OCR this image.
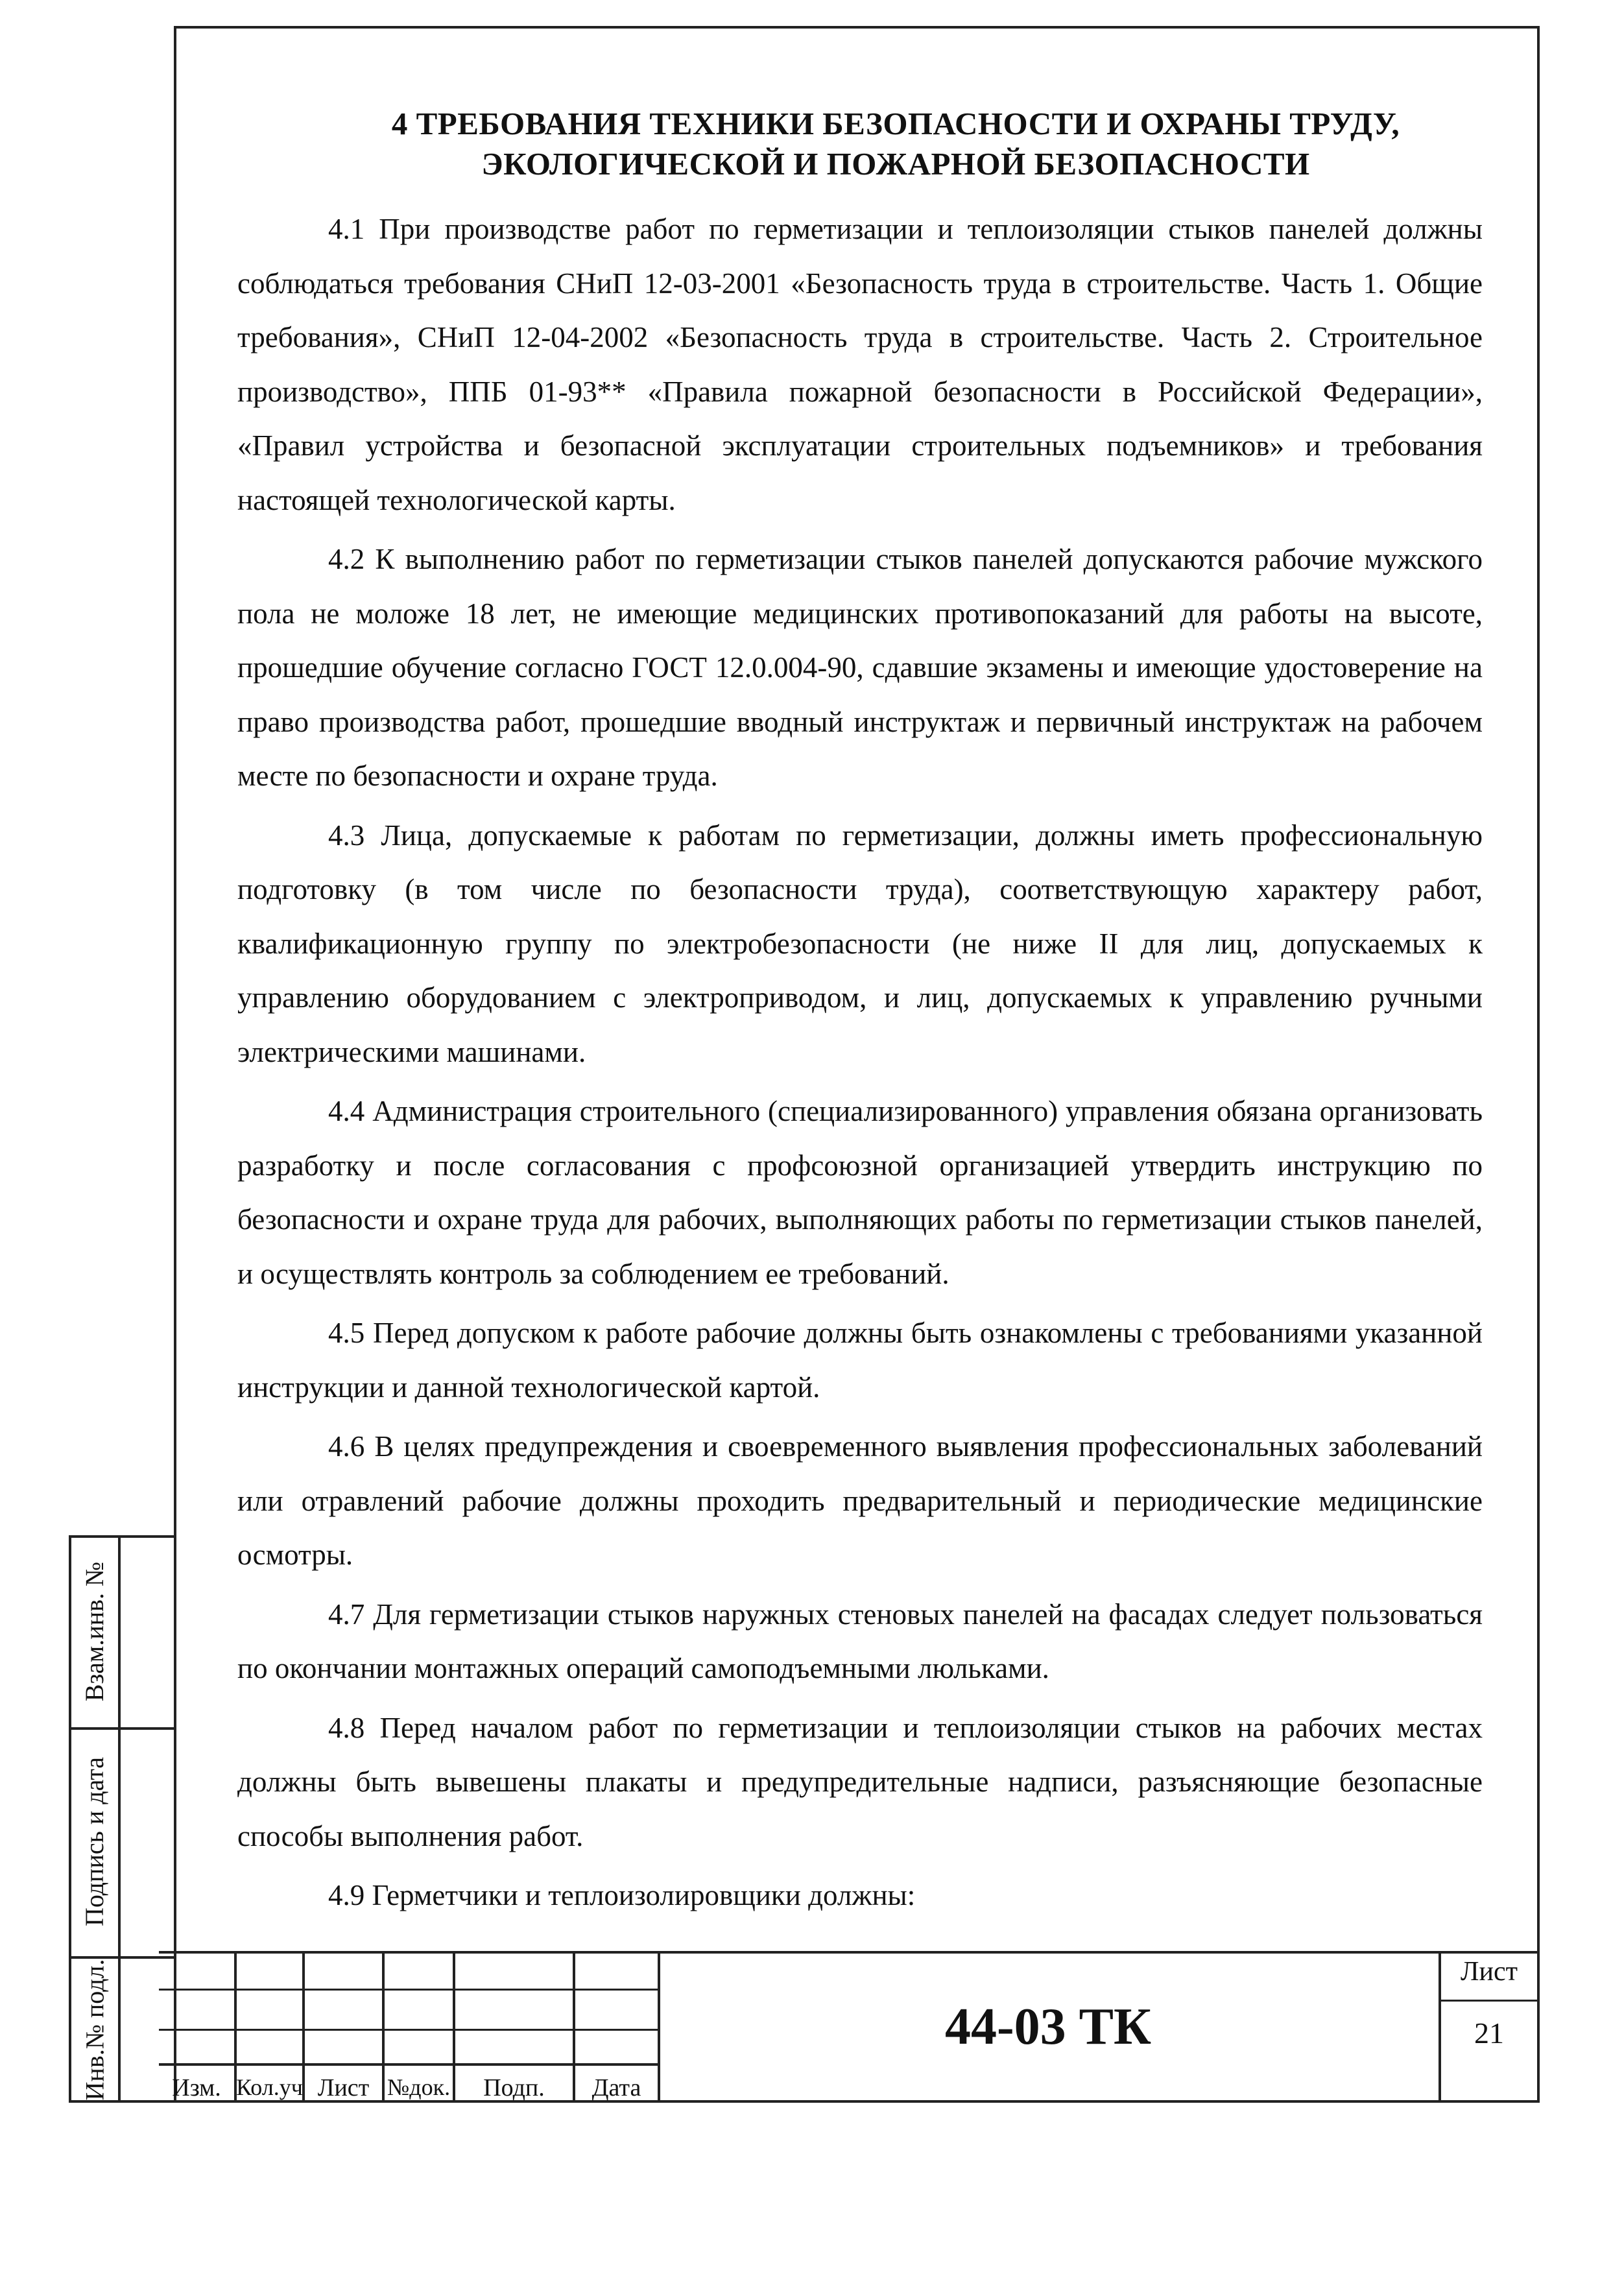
4 ТРЕБОВАНИЯ ТЕХНИКИ БЕЗОПАСНОСТИ И ОХРАНЫ ТРУДУ,
ЭКОЛОГИЧЕСКОЙ И ПОЖАРНОЙ БЕЗОПАСНОСТИ

4.1 При производстве работ по герметизации и теплоизоляции стыков панелей должны соблюдаться требования СНиП 12-03-2001 «Безопасность труда в строительстве. Часть 1. Общие требования», СНиП 12-04-2002 «Безопасность труда в строительстве. Часть 2. Строительное производство», ППБ 01-93** «Правила пожарной безопасности в Российской Федерации», «Правил устройства и безопасной эксплуатации строительных подъемников» и требования настоящей технологической карты.

4.2 К выполнению работ по герметизации стыков панелей допускаются рабочие мужского пола не моложе 18 лет, не имеющие медицинских противопоказаний для работы на высоте, прошедшие обучение согласно ГОСТ 12.0.004-90, сдавшие экзамены и имеющие удостоверение на право производства работ, прошедшие вводный инструктаж и первичный инструктаж на рабочем месте по безопасности и охране труда.

4.3 Лица, допускаемые к работам по герметизации, должны иметь профессиональную подготовку (в том числе по безопасности труда), соответствующую характеру работ, квалификационную группу по электробезопасности (не ниже II для лиц, допускаемых к управлению оборудованием с электроприводом, и лиц, допускаемых к управлению ручными электрическими машинами.

4.4 Администрация строительного (специализированного) управления обязана организовать разработку и после согласования с профсоюзной организацией утвердить инструкцию по безопасности и охране труда для рабочих, выполняющих работы по герметизации стыков панелей, и осуществлять контроль за соблюдением ее требований.

4.5 Перед допуском к работе рабочие должны быть ознакомлены с требованиями указанной инструкции и данной технологической картой.

4.6 В целях предупреждения и своевременного выявления профессиональных заболеваний или отравлений рабочие должны проходить предварительный и периодические медицинские осмотры.

4.7 Для герметизации стыков наружных стеновых панелей на фасадах следует пользоваться по окончании монтажных операций самоподъемными люльками.

4.8 Перед началом работ по герметизации и теплоизоляции стыков на рабочих местах должны быть вывешены плакаты и предупредительные надписи, разъясняющие безопасные способы выполнения работ.

4.9 Герметчики и теплоизолировщики должны:

Взам.инв. №
Подпись и дата
Инв.№ подл.	Изм. Кол.уч Лист №док.	Подп.	Дата
44-03 ТК
Лист
21
